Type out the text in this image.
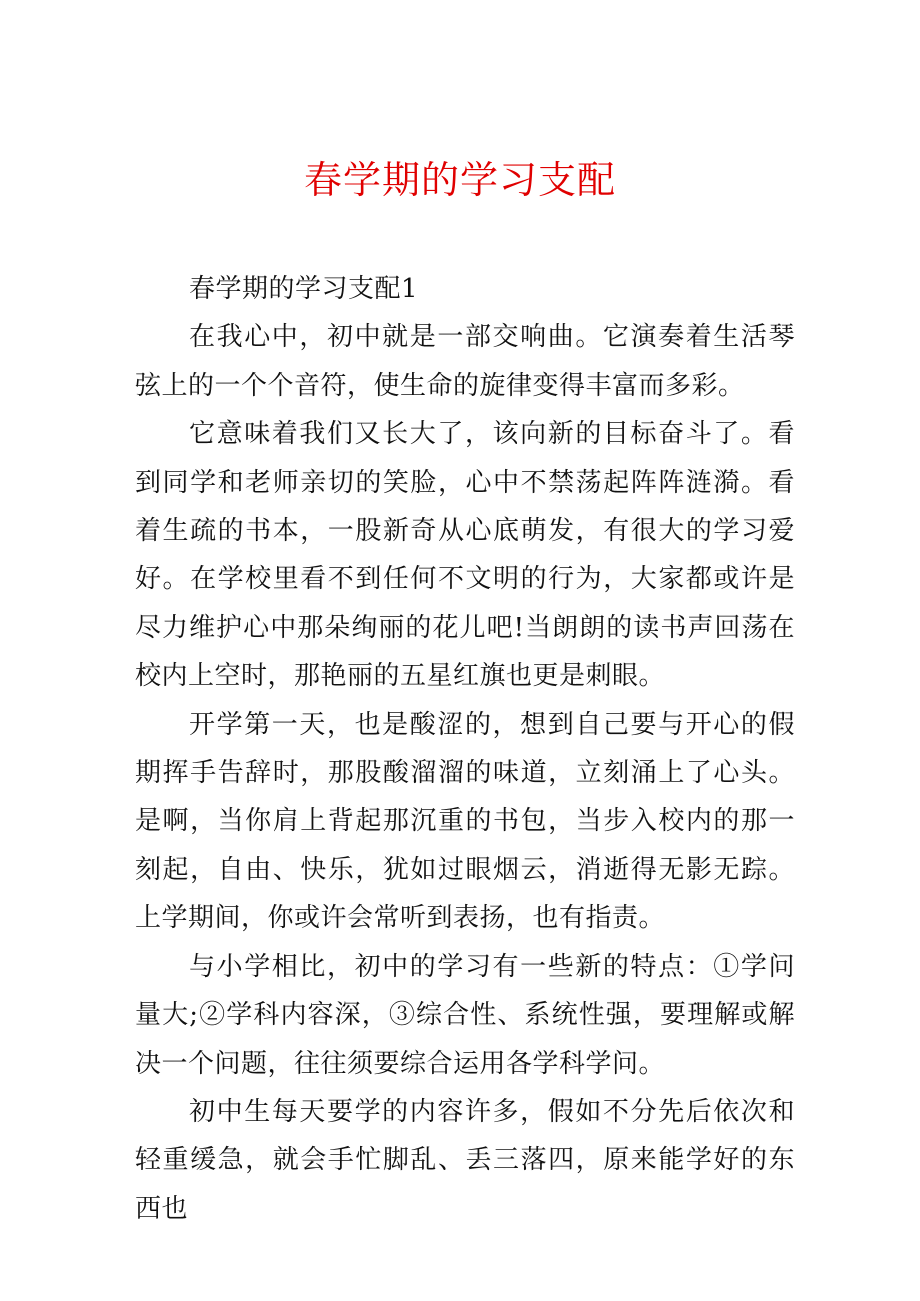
春学期的学习支配

春学期的学习支配1

在我心中，初中就是一部交响曲。它演奏着生活琴弦上的一个个音符，使生命的旋律变得丰富而多彩。

它意味着我们又长大了，该向新的目标奋斗了。看到同学和老师亲切的笑脸，心中不禁荡起阵阵涟漪。看着生疏的书本，一股新奇从心底萌发，有很大的学习爱好。在学校里看不到任何不文明的行为，大家都或许是尽力维护心中那朵绚丽的花儿吧!当朗朗的读书声回荡在校内上空时，那艳丽的五星红旗也更是刺眼。

开学第一天，也是酸涩的，想到自己要与开心的假期挥手告辞时，那股酸溜溜的味道，立刻涌上了心头。是啊，当你肩上背起那沉重的书包，当步入校内的那一刻起，自由、快乐，犹如过眼烟云，消逝得无影无踪。上学期间，你或许会常听到表扬，也有指责。

与小学相比，初中的学习有一些新的特点：①学问量大;②学科内容深，③综合性、系统性强，要理解或解决一个问题，往往须要综合运用各学科学问。

初中生每天要学的内容许多，假如不分先后依次和轻重缓急，就会手忙脚乱、丢三落四，原来能学好的东西也
